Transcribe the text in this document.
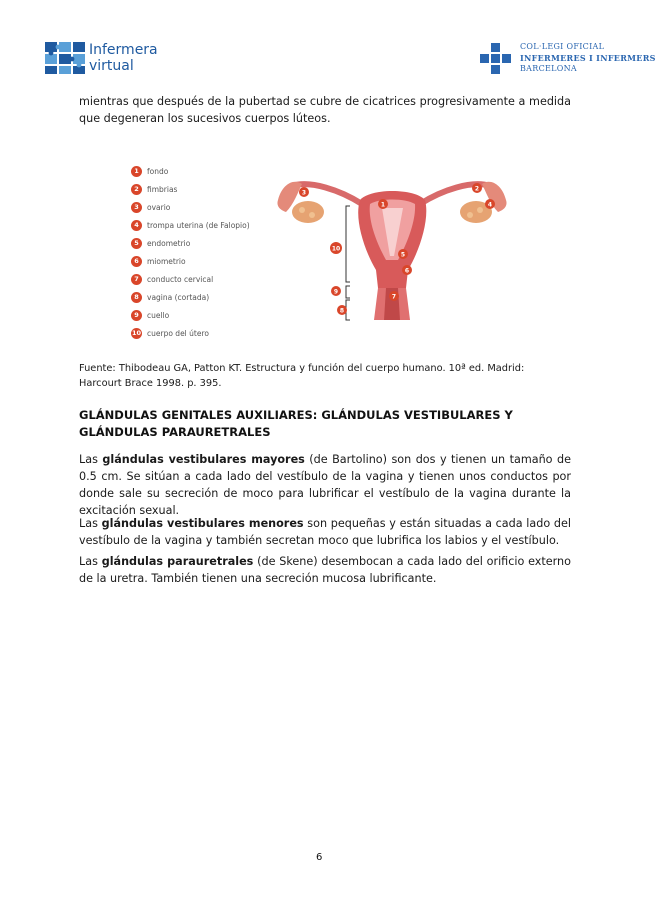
Infermera
virtual
COL·LEGI OFICIAL
INFERMERES I INFERMERS
BARCELONA
mientras que después de la pubertad se cubre de cicatrices progresivamente a medida que degeneran los sucesivos cuerpos lúteos.
1 fondo
2 fimbrias
3 ovario
4 trompa uterina (de Falopio)
5 endometrio
6 miometrio
7 conducto cervical
8 vagina (cortada)
9 cuello
10 cuerpo del útero
1
2
3
4
5
6
7
8
9
10
Fuente: Thibodeau GA, Patton KT. Estructura y función del cuerpo humano. 10ª ed. Madrid: Harcourt Brace 1998. p. 395.
GLÁNDULAS GENITALES AUXILIARES: GLÁNDULAS VESTIBULARES Y GLÁNDULAS PARAURETRALES
Las glándulas vestibulares mayores (de Bartolino) son dos y tienen un tamaño de 0.5 cm. Se sitúan a cada lado del vestíbulo de la vagina y tienen unos conductos por donde sale su secreción de moco para lubrificar el vestíbulo de la vagina durante la excitación sexual.
Las glándulas vestibulares menores son pequeñas y están situadas a cada lado del vestíbulo de la vagina y también secretan moco que lubrifica los labios y el vestíbulo.
Las glándulas parauretrales (de Skene) desembocan a cada lado del orificio externo de la uretra. También tienen una secreción mucosa lubrificante.
6
